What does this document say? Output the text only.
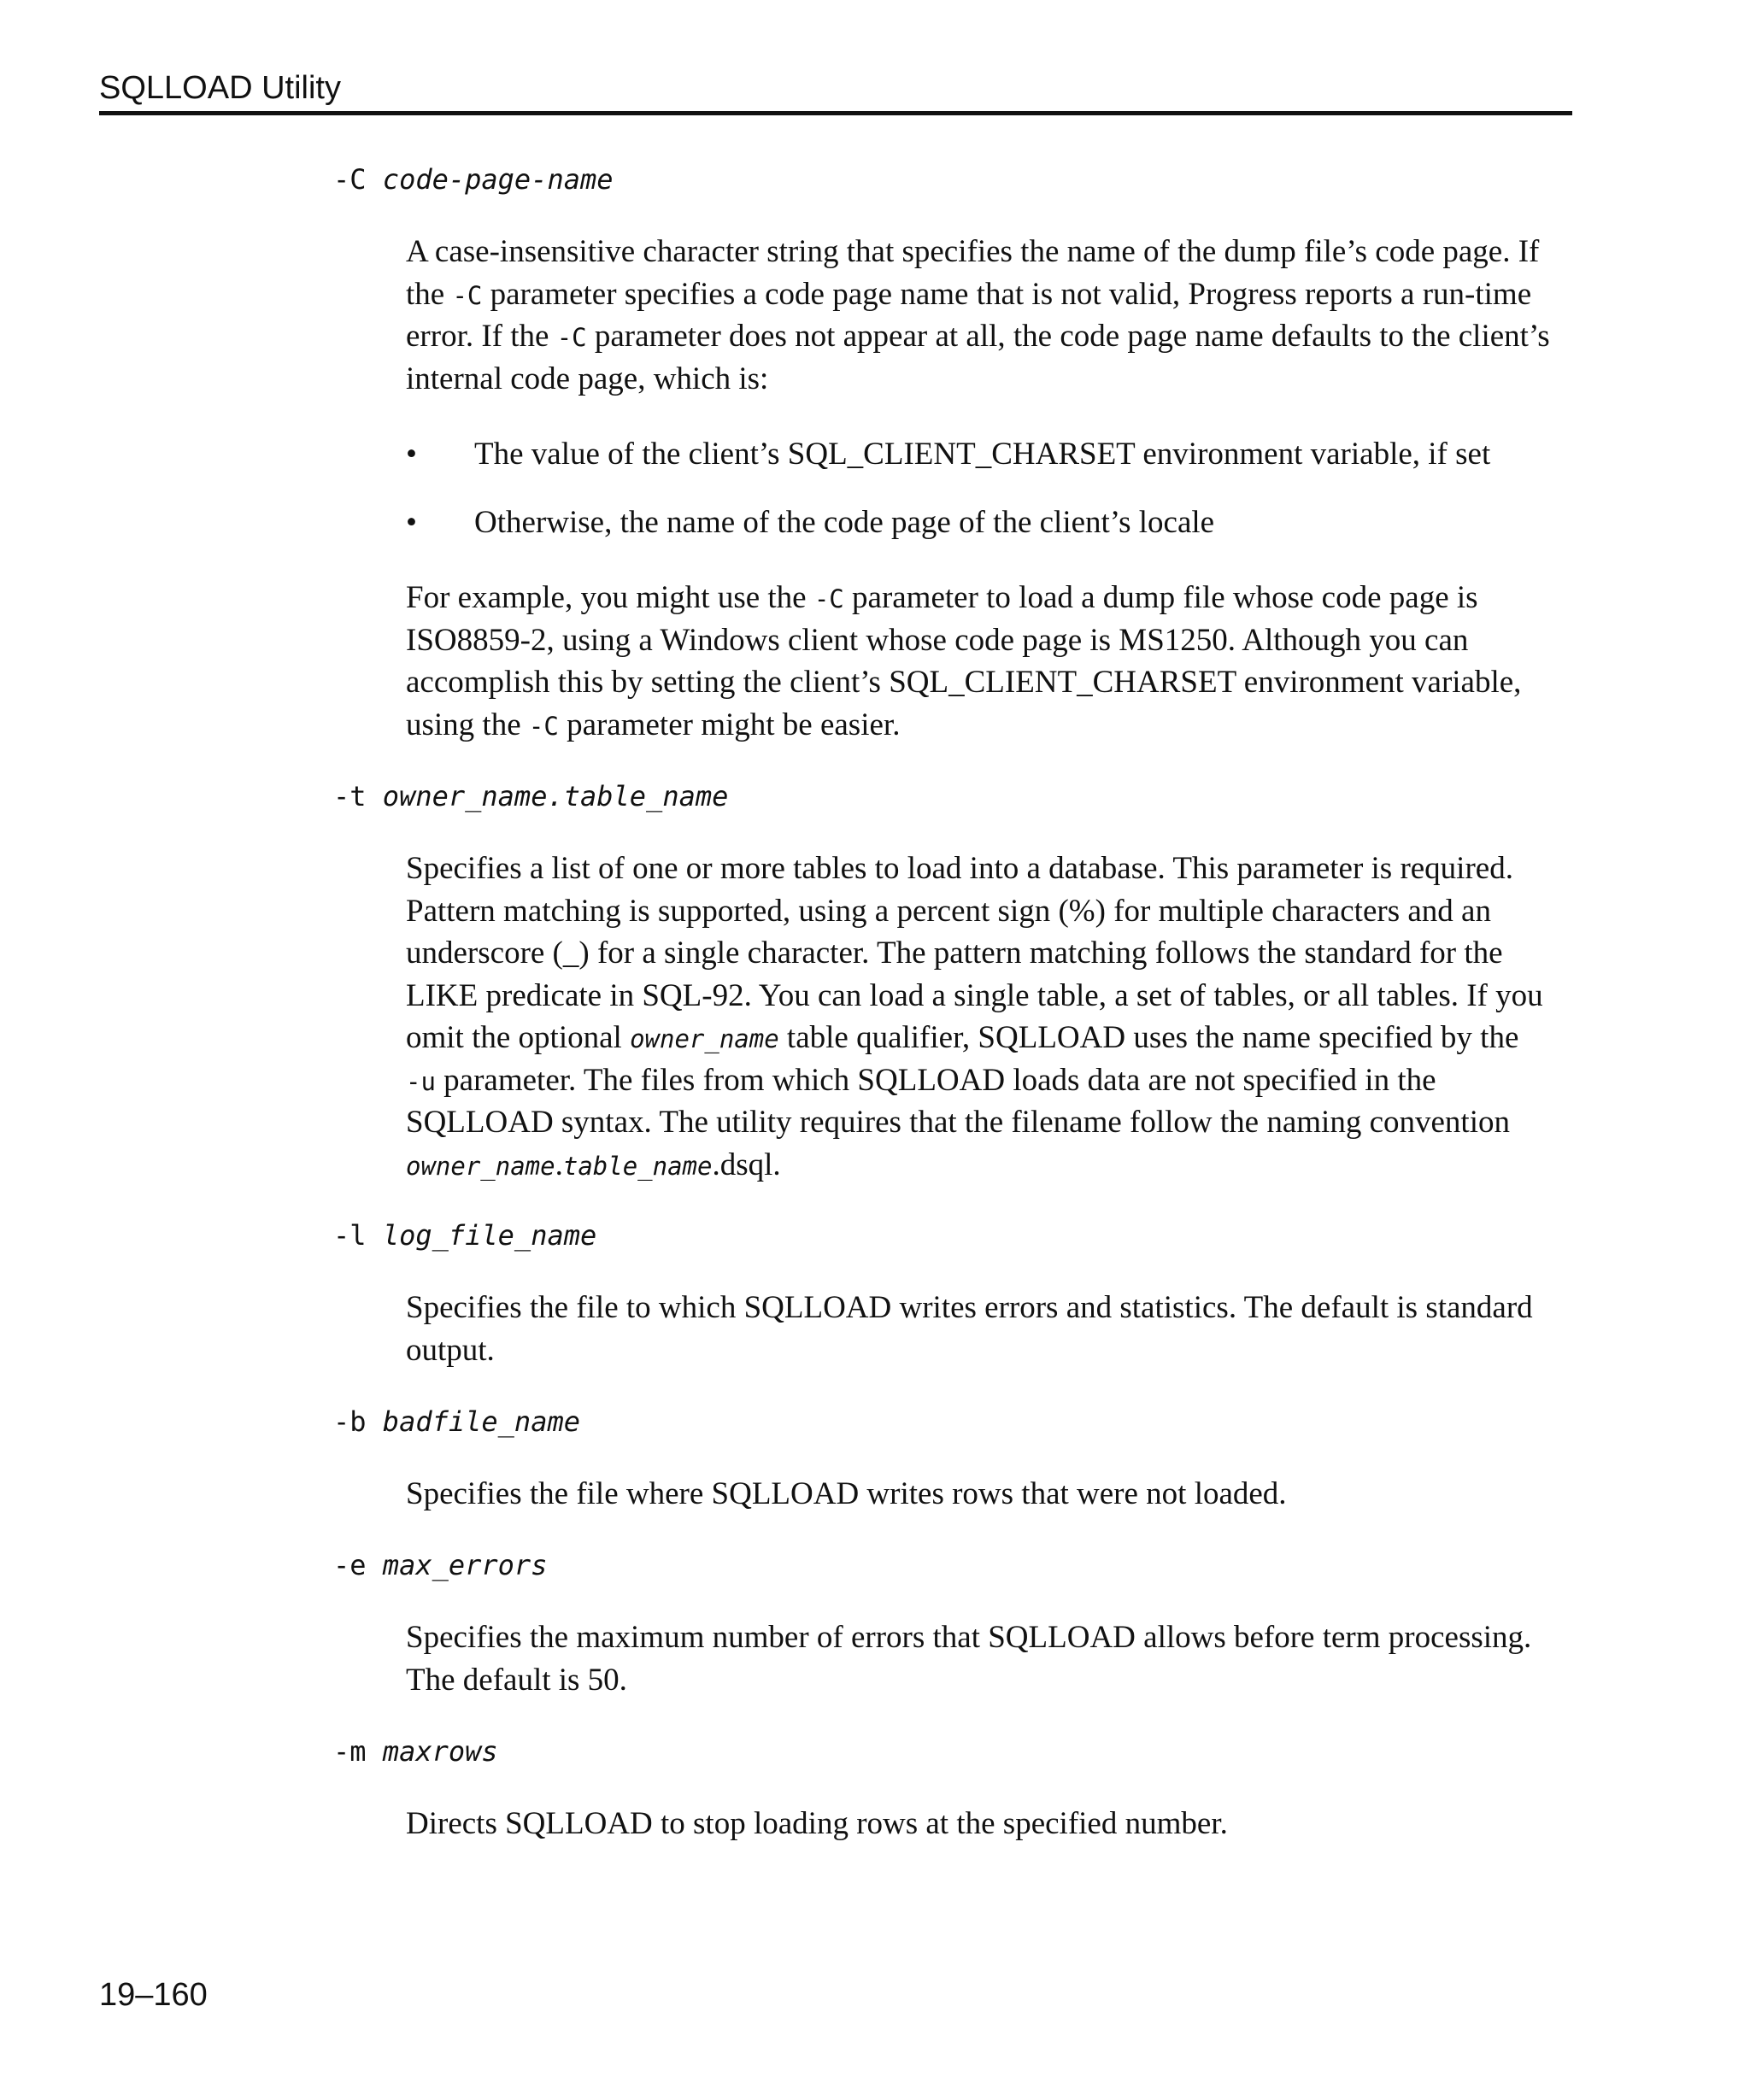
SQLLOAD Utility
-C code-page-name
A case-insensitive character string that specifies the name of the dump file’s code page. If
the -C parameter specifies a code page name that is not valid, Progress reports a run-time
error. If the -C parameter does not appear at all, the code page name defaults to the client’s
internal code page, which is:
• The value of the client’s SQL_CLIENT_CHARSET environment variable, if set
• Otherwise, the name of the code page of the client’s locale
For example, you might use the -C parameter to load a dump file whose code page is
ISO8859-2, using a Windows client whose code page is MS1250. Although you can
accomplish this by setting the client’s SQL_CLIENT_CHARSET environment variable,
using the -C parameter might be easier.
-t owner_name.table_name
Specifies a list of one or more tables to load into a database. This parameter is required.
Pattern matching is supported, using a percent sign (%) for multiple characters and an
underscore (_) for a single character. The pattern matching follows the standard for the
LIKE predicate in SQL-92. You can load a single table, a set of tables, or all tables. If you
omit the optional owner_name table qualifier, SQLLOAD uses the name specified by the
-u parameter. The files from which SQLLOAD loads data are not specified in the
SQLLOAD syntax. The utility requires that the filename follow the naming convention
owner_name.table_name.dsql.
-l log_file_name
Specifies the file to which SQLLOAD writes errors and statistics. The default is standard
output.
-b badfile_name
Specifies the file where SQLLOAD writes rows that were not loaded.
-e max_errors
Specifies the maximum number of errors that SQLLOAD allows before term processing.
The default is 50.
-m maxrows
Directs SQLLOAD to stop loading rows at the specified number.
19–160
